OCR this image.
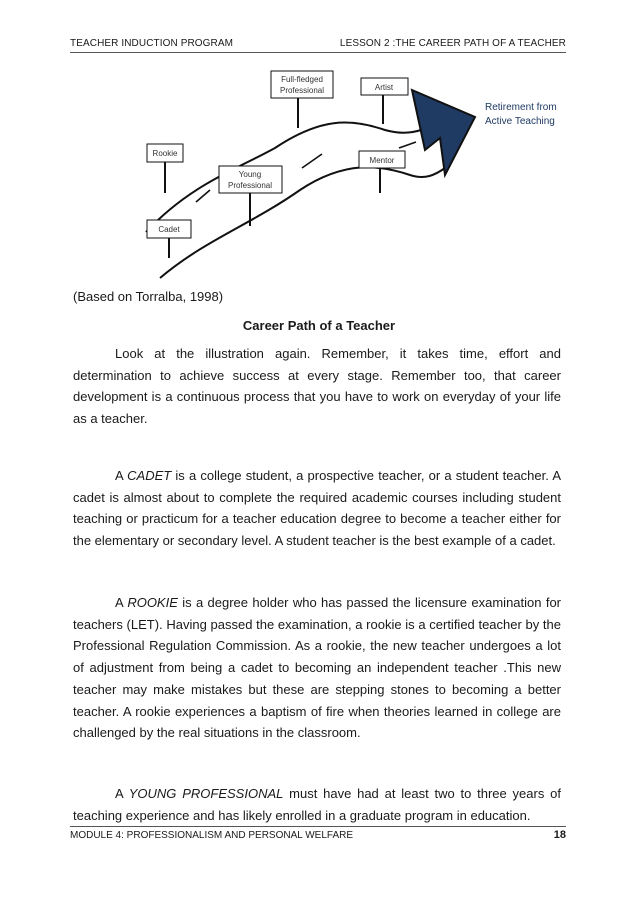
TEACHER INDUCTION PROGRAM	LESSON 2 :THE CAREER PATH OF A TEACHER
Cadet
Rookie
Young
Professional
Full-fledged
Professional	Artist
Mentor
Retirement from
Active Teaching
(Based on Torralba, 1998)
Career Path of a Teacher
Look at the illustration again. Remember, it takes time, effort and determination to achieve success at every stage. Remember too, that career development is a continuous process that you have to work on everyday of your life as a teacher.
A CADET is a college student, a prospective teacher, or a student teacher. A cadet is almost about to complete the required academic courses including student teaching or practicum for a teacher education degree to become a teacher either for the elementary or secondary level. A student teacher is the best example of a cadet.
A ROOKIE is a degree holder who has passed the licensure examination for teachers (LET). Having passed the examination, a rookie is a certified teacher by the Professional Regulation Commission. As a rookie, the new teacher undergoes a lot of adjustment from being a cadet to becoming an independent teacher .This new teacher may make mistakes but these are stepping stones to becoming a better teacher. A rookie experiences a baptism of fire when theories learned in college are challenged by the real situations in the classroom.
A YOUNG PROFESSIONAL must have had at least two to three years of teaching experience and has likely enrolled in a graduate program in education.
MODULE 4: PROFESSIONALISM AND PERSONAL WELFARE	18
